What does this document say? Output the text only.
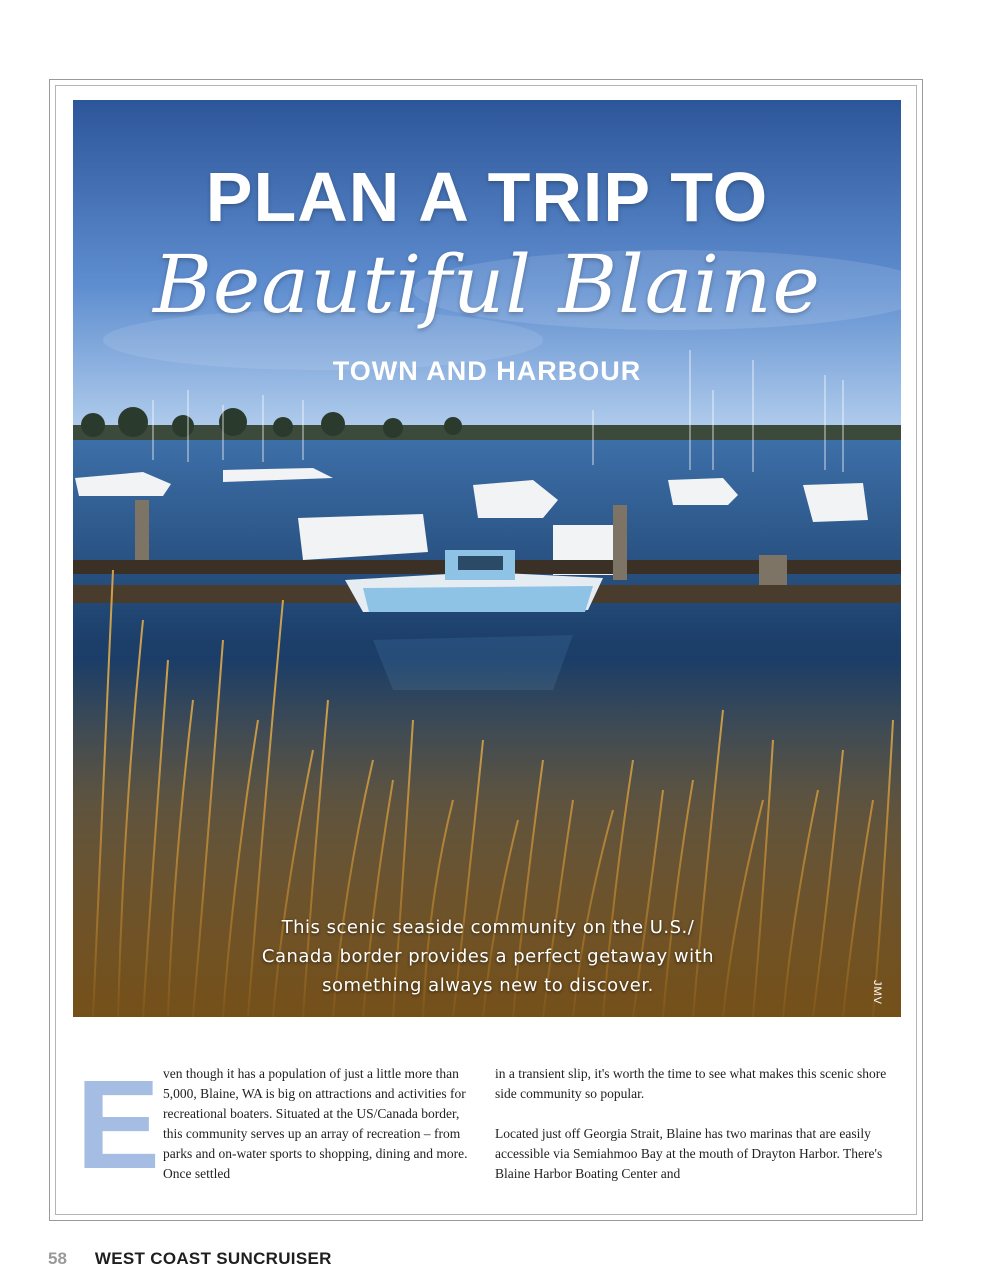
PLAN A TRIP TO
Beautiful Blaine
TOWN AND HARBOUR
This scenic seaside community on the U.S./ Canada border provides a perfect getaway with something always new to discover.	JMV
E ven though it has a population of just a little more than 5,000, Blaine, WA is big on attractions and activities for recreational boaters. Situated at the US/Canada border, this community serves up an array of recreation – from parks and on-water sports to shopping, dining and more. Once settled

in a transient slip, it's worth the time to see what makes this scenic shore side community so popular.

Located just off Georgia Strait, Blaine has two marinas that are easily accessible via Semiahmoo Bay at the mouth of Drayton Harbor. There's Blaine Harbor Boating Center and

58 WEST COAST SUNCRUISER
